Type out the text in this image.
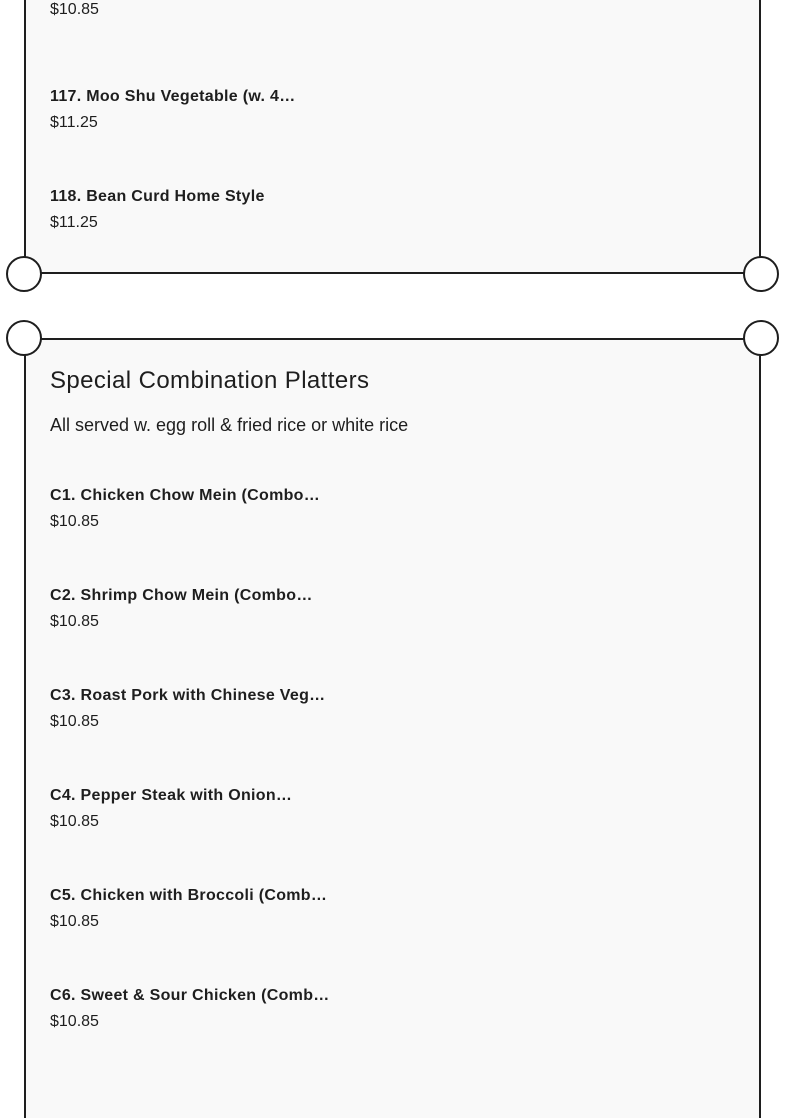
$10.85
117. Moo Shu Vegetable (w. 4…
$11.25
118. Bean Curd Home Style
$11.25
Special Combination Platters

All served w. egg roll & fried rice or white rice

C1. Chicken Chow Mein (Combo…
$10.85
C2. Shrimp Chow Mein (Combo…
$10.85
C3. Roast Pork with Chinese Veg…
$10.85
C4. Pepper Steak with Onion…
$10.85
C5. Chicken with Broccoli (Comb…
$10.85
C6. Sweet & Sour Chicken (Comb…
$10.85
